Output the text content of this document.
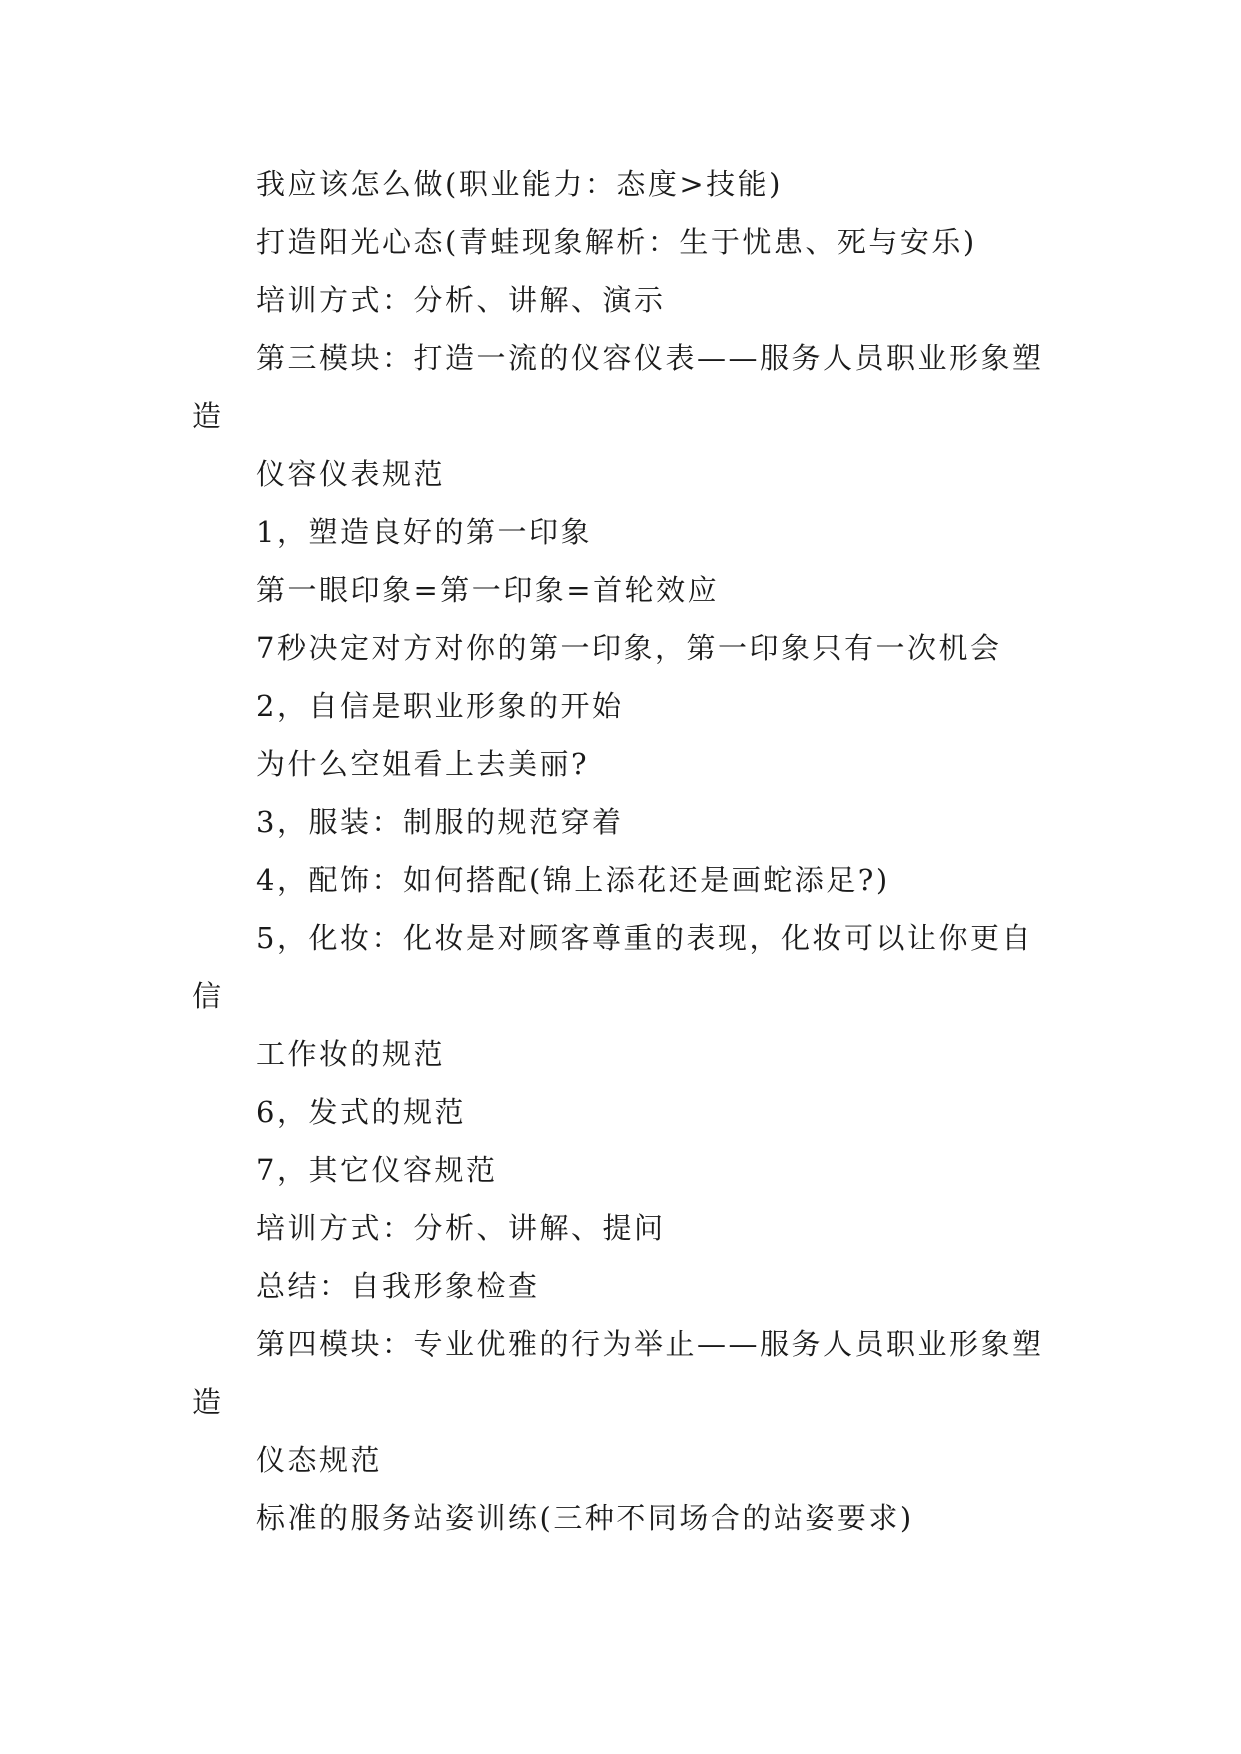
我应该怎么做(职业能力：态度>技能)

打造阳光心态(青蛙现象解析：生于忧患、死与安乐)

培训方式：分析、讲解、演示

第三模块：打造一流的仪容仪表——服务人员职业形象塑造

仪容仪表规范

1，塑造良好的第一印象

第一眼印象=第一印象=首轮效应

7秒决定对方对你的第一印象，第一印象只有一次机会

2，自信是职业形象的开始

为什么空姐看上去美丽?

3，服装：制服的规范穿着

4，配饰：如何搭配(锦上添花还是画蛇添足?)

5，化妆：化妆是对顾客尊重的表现，化妆可以让你更自信

工作妆的规范

6，发式的规范

7，其它仪容规范

培训方式：分析、讲解、提问

总结：自我形象检查

第四模块：专业优雅的行为举止——服务人员职业形象塑造

仪态规范

标准的服务站姿训练(三种不同场合的站姿要求)
